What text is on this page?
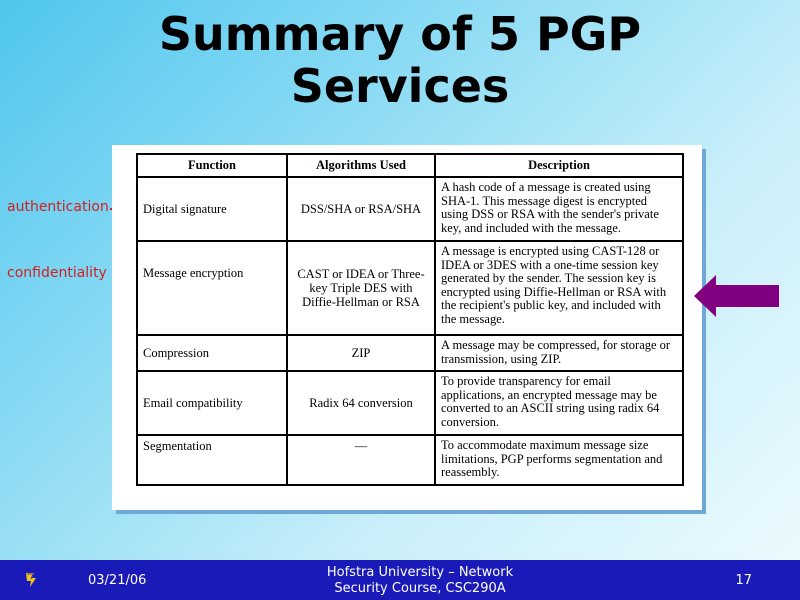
Summary of 5 PGP
Services
authentication
confidentiality
Function	Algorithms Used	Description
Digital signature	DSS/SHA or RSA/SHA	A hash code of a message is created using SHA-1. This message digest is encrypted using DSS or RSA with the sender's private key, and included with the message.
Message encryption	CAST or IDEA or Three-key Triple DES with Diffie-Hellman or RSA	A message is encrypted using CAST-128 or IDEA or 3DES with a one-time session key generated by the sender. The session key is encrypted using Diffie-Hellman or RSA with the recipient's public key, and included with the message.
Compression	ZIP	A message may be compressed, for storage or transmission, using ZIP.
Email compatibility	Radix 64 conversion	To provide transparency for email applications, an encrypted message may be converted to an ASCII string using radix 64 conversion.
Segmentation	—	To accommodate maximum message size limitations, PGP performs segmentation and reassembly.
03/21/06
Hofstra University – Network Security Course, CSC290A
17
